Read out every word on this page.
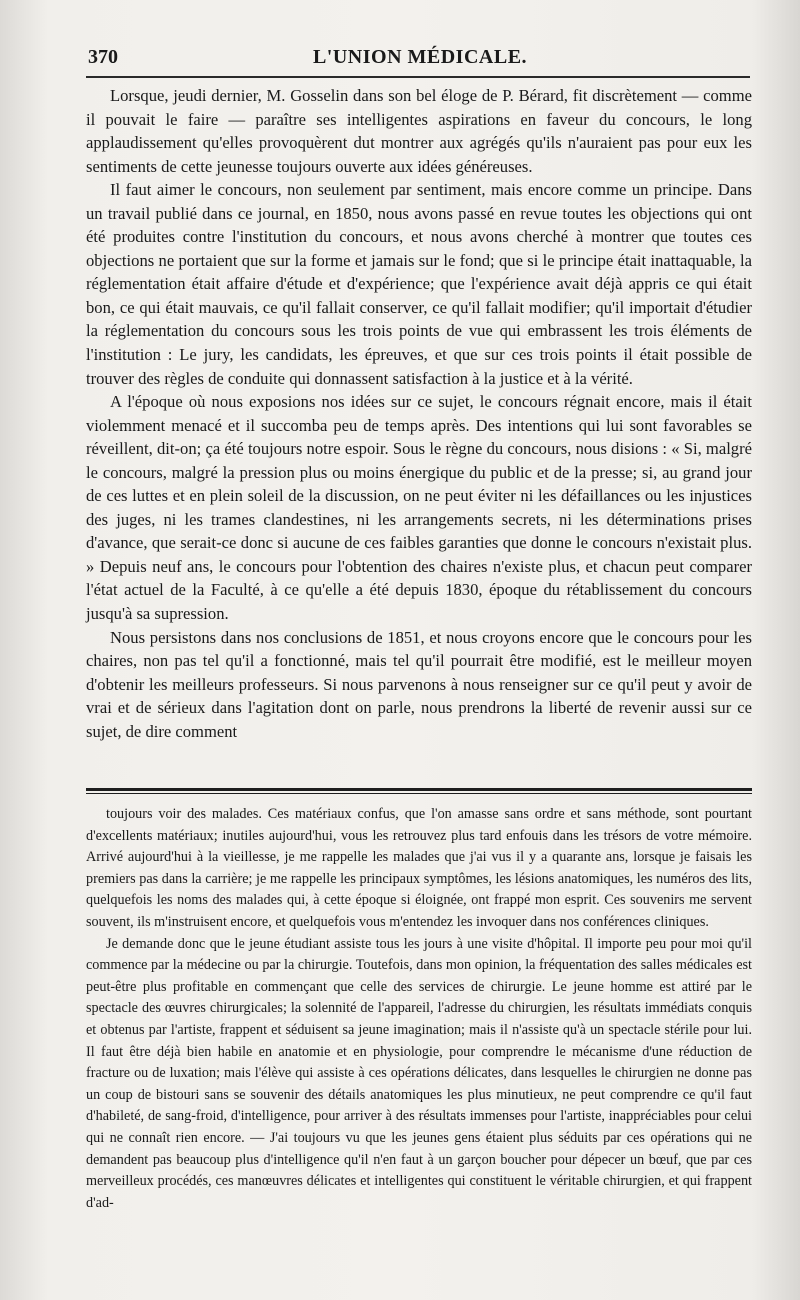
370	L'UNION MÉDICALE.

Lorsque, jeudi dernier, M. Gosselin dans son bel éloge de P. Bérard, fit discrètement — comme il pouvait le faire — paraître ses intelligentes aspirations en faveur du concours, le long applaudissement qu'elles provoquèrent dut montrer aux agrégés qu'ils n'auraient pas pour eux les sentiments de cette jeunesse toujours ouverte aux idées généreuses.

Il faut aimer le concours, non seulement par sentiment, mais encore comme un principe. Dans un travail publié dans ce journal, en 1850, nous avons passé en revue toutes les objections qui ont été produites contre l'institution du concours, et nous avons cherché à montrer que toutes ces objections ne portaient que sur la forme et jamais sur le fond; que si le principe était inattaquable, la réglementation était affaire d'étude et d'expérience; que l'expérience avait déjà appris ce qui était bon, ce qui était mauvais, ce qu'il fallait conserver, ce qu'il fallait modifier; qu'il importait d'étudier la réglementation du concours sous les trois points de vue qui embrassent les trois éléments de l'institution : Le jury, les candidats, les épreuves, et que sur ces trois points il était possible de trouver des règles de conduite qui donnassent satisfaction à la justice et à la vérité.

A l'époque où nous exposions nos idées sur ce sujet, le concours régnait encore, mais il était violemment menacé et il succomba peu de temps après. Des intentions qui lui sont favorables se réveillent, dit-on; ça été toujours notre espoir. Sous le règne du concours, nous disions : « Si, malgré le concours, malgré la pression plus ou moins énergique du public et de la presse; si, au grand jour de ces luttes et en plein soleil de la discussion, on ne peut éviter ni les défaillances ou les injustices des juges, ni les trames clandestines, ni les arrangements secrets, ni les déterminations prises d'avance, que serait-ce donc si aucune de ces faibles garanties que donne le concours n'existait plus. » Depuis neuf ans, le concours pour l'obtention des chaires n'existe plus, et chacun peut comparer l'état actuel de la Faculté, à ce qu'elle a été depuis 1830, époque du rétablissement du concours jusqu'à sa supression.

Nous persistons dans nos conclusions de 1851, et nous croyons encore que le concours pour les chaires, non pas tel qu'il a fonctionné, mais tel qu'il pourrait être modifié, est le meilleur moyen d'obtenir les meilleurs professeurs. Si nous parvenons à nous renseigner sur ce qu'il peut y avoir de vrai et de sérieux dans l'agitation dont on parle, nous prendrons la liberté de revenir aussi sur ce sujet, de dire comment

toujours voir des malades. Ces matériaux confus, que l'on amasse sans ordre et sans méthode, sont pourtant d'excellents matériaux; inutiles aujourd'hui, vous les retrouvez plus tard enfouis dans les trésors de votre mémoire. Arrivé aujourd'hui à la vieillesse, je me rappelle les malades que j'ai vus il y a quarante ans, lorsque je faisais les premiers pas dans la carrière; je me rappelle les principaux symptômes, les lésions anatomiques, les numéros des lits, quelquefois les noms des malades qui, à cette époque si éloignée, ont frappé mon esprit. Ces souvenirs me servent souvent, ils m'instruisent encore, et quelquefois vous m'entendez les invoquer dans nos conférences cliniques.

Je demande donc que le jeune étudiant assiste tous les jours à une visite d'hôpital. Il importe peu pour moi qu'il commence par la médecine ou par la chirurgie. Toutefois, dans mon opinion, la fréquentation des salles médicales est peut-être plus profitable en commençant que celle des services de chirurgie. Le jeune homme est attiré par le spectacle des œuvres chirurgicales; la solennité de l'appareil, l'adresse du chirurgien, les résultats immédiats conquis et obtenus par l'artiste, frappent et séduisent sa jeune imagination; mais il n'assiste qu'à un spectacle stérile pour lui. Il faut être déjà bien habile en anatomie et en physiologie, pour comprendre le mécanisme d'une réduction de fracture ou de luxation; mais l'élève qui assiste à ces opérations délicates, dans lesquelles le chirurgien ne donne pas un coup de bistouri sans se souvenir des détails anatomiques les plus minutieux, ne peut comprendre ce qu'il faut d'habileté, de sang-froid, d'intelligence, pour arriver à des résultats immenses pour l'artiste, inappréciables pour celui qui ne connaît rien encore. — J'ai toujours vu que les jeunes gens étaient plus séduits par ces opérations qui ne demandent pas beaucoup plus d'intelligence qu'il n'en faut à un garçon boucher pour dépecer un bœuf, que par ces merveilleux procédés, ces manœuvres délicates et intelligentes qui constituent le véritable chirurgien, et qui frappent d'ad-
